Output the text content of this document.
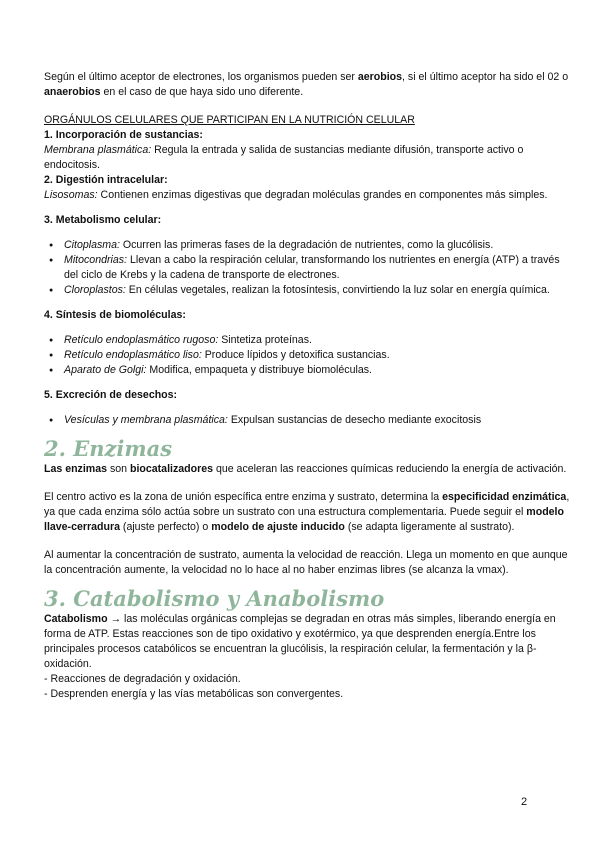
Según el último aceptor de electrones, los organismos pueden ser aerobios, si el último aceptor ha sido el 02 o anaerobios en el caso de que haya sido uno diferente.

ORGÁNULOS CELULARES QUE PARTICIPAN EN LA NUTRICIÓN CELULAR

1. Incorporación de sustancias:

Membrana plasmática: Regula la entrada y salida de sustancias mediante difusión, transporte activo o endocitosis.

2. Digestión intracelular:

Lisosomas: Contienen enzimas digestivas que degradan moléculas grandes en componentes más simples.

3. Metabolismo celular:

● Citoplasma: Ocurren las primeras fases de la degradación de nutrientes, como la glucólisis.
● Mitocondrias: Llevan a cabo la respiración celular, transformando los nutrientes en energía (ATP) a través del ciclo de Krebs y la cadena de transporte de electrones.
● Cloroplastos: En células vegetales, realizan la fotosíntesis, convirtiendo la luz solar en energía química.

4. Síntesis de biomoléculas:

● Retículo endoplasmático rugoso: Sintetiza proteínas.
● Retículo endoplasmático liso: Produce lípidos y detoxifica sustancias.
● Aparato de Golgi: Modifica, empaqueta y distribuye biomoléculas.

5. Excreción de desechos:

● Vesículas y membrana plasmática: Expulsan sustancias de desecho mediante exocitosis
2. Enzimas

Las enzimas son biocatalizadores que aceleran las reacciones químicas reduciendo la energía de activación.

El centro activo es la zona de unión específica entre enzima y sustrato, determina la especificidad enzimática, ya que cada enzima sólo actúa sobre un sustrato con una estructura complementaria. Puede seguir el modelo llave-cerradura (ajuste perfecto) o modelo de ajuste inducido (se adapta ligeramente al sustrato).

Al aumentar la concentración de sustrato, aumenta la velocidad de reacción. Llega un momento en que aunque la concentración aumente, la velocidad no lo hace al no haber enzimas libres (se alcanza la vmax).

3. Catabolismo y Anabolismo

Catabolismo → las moléculas orgánicas complejas se degradan en otras más simples, liberando energía en forma de ATP. Estas reacciones son de tipo oxidativo y exotérmico, ya que desprenden energía.Entre los principales procesos catabólicos se encuentran la glucólisis, la respiración celular, la fermentación y la β-oxidación.

- Reacciones de degradación y oxidación.

- Desprenden energía y las vías metabólicas son convergentes.

2
